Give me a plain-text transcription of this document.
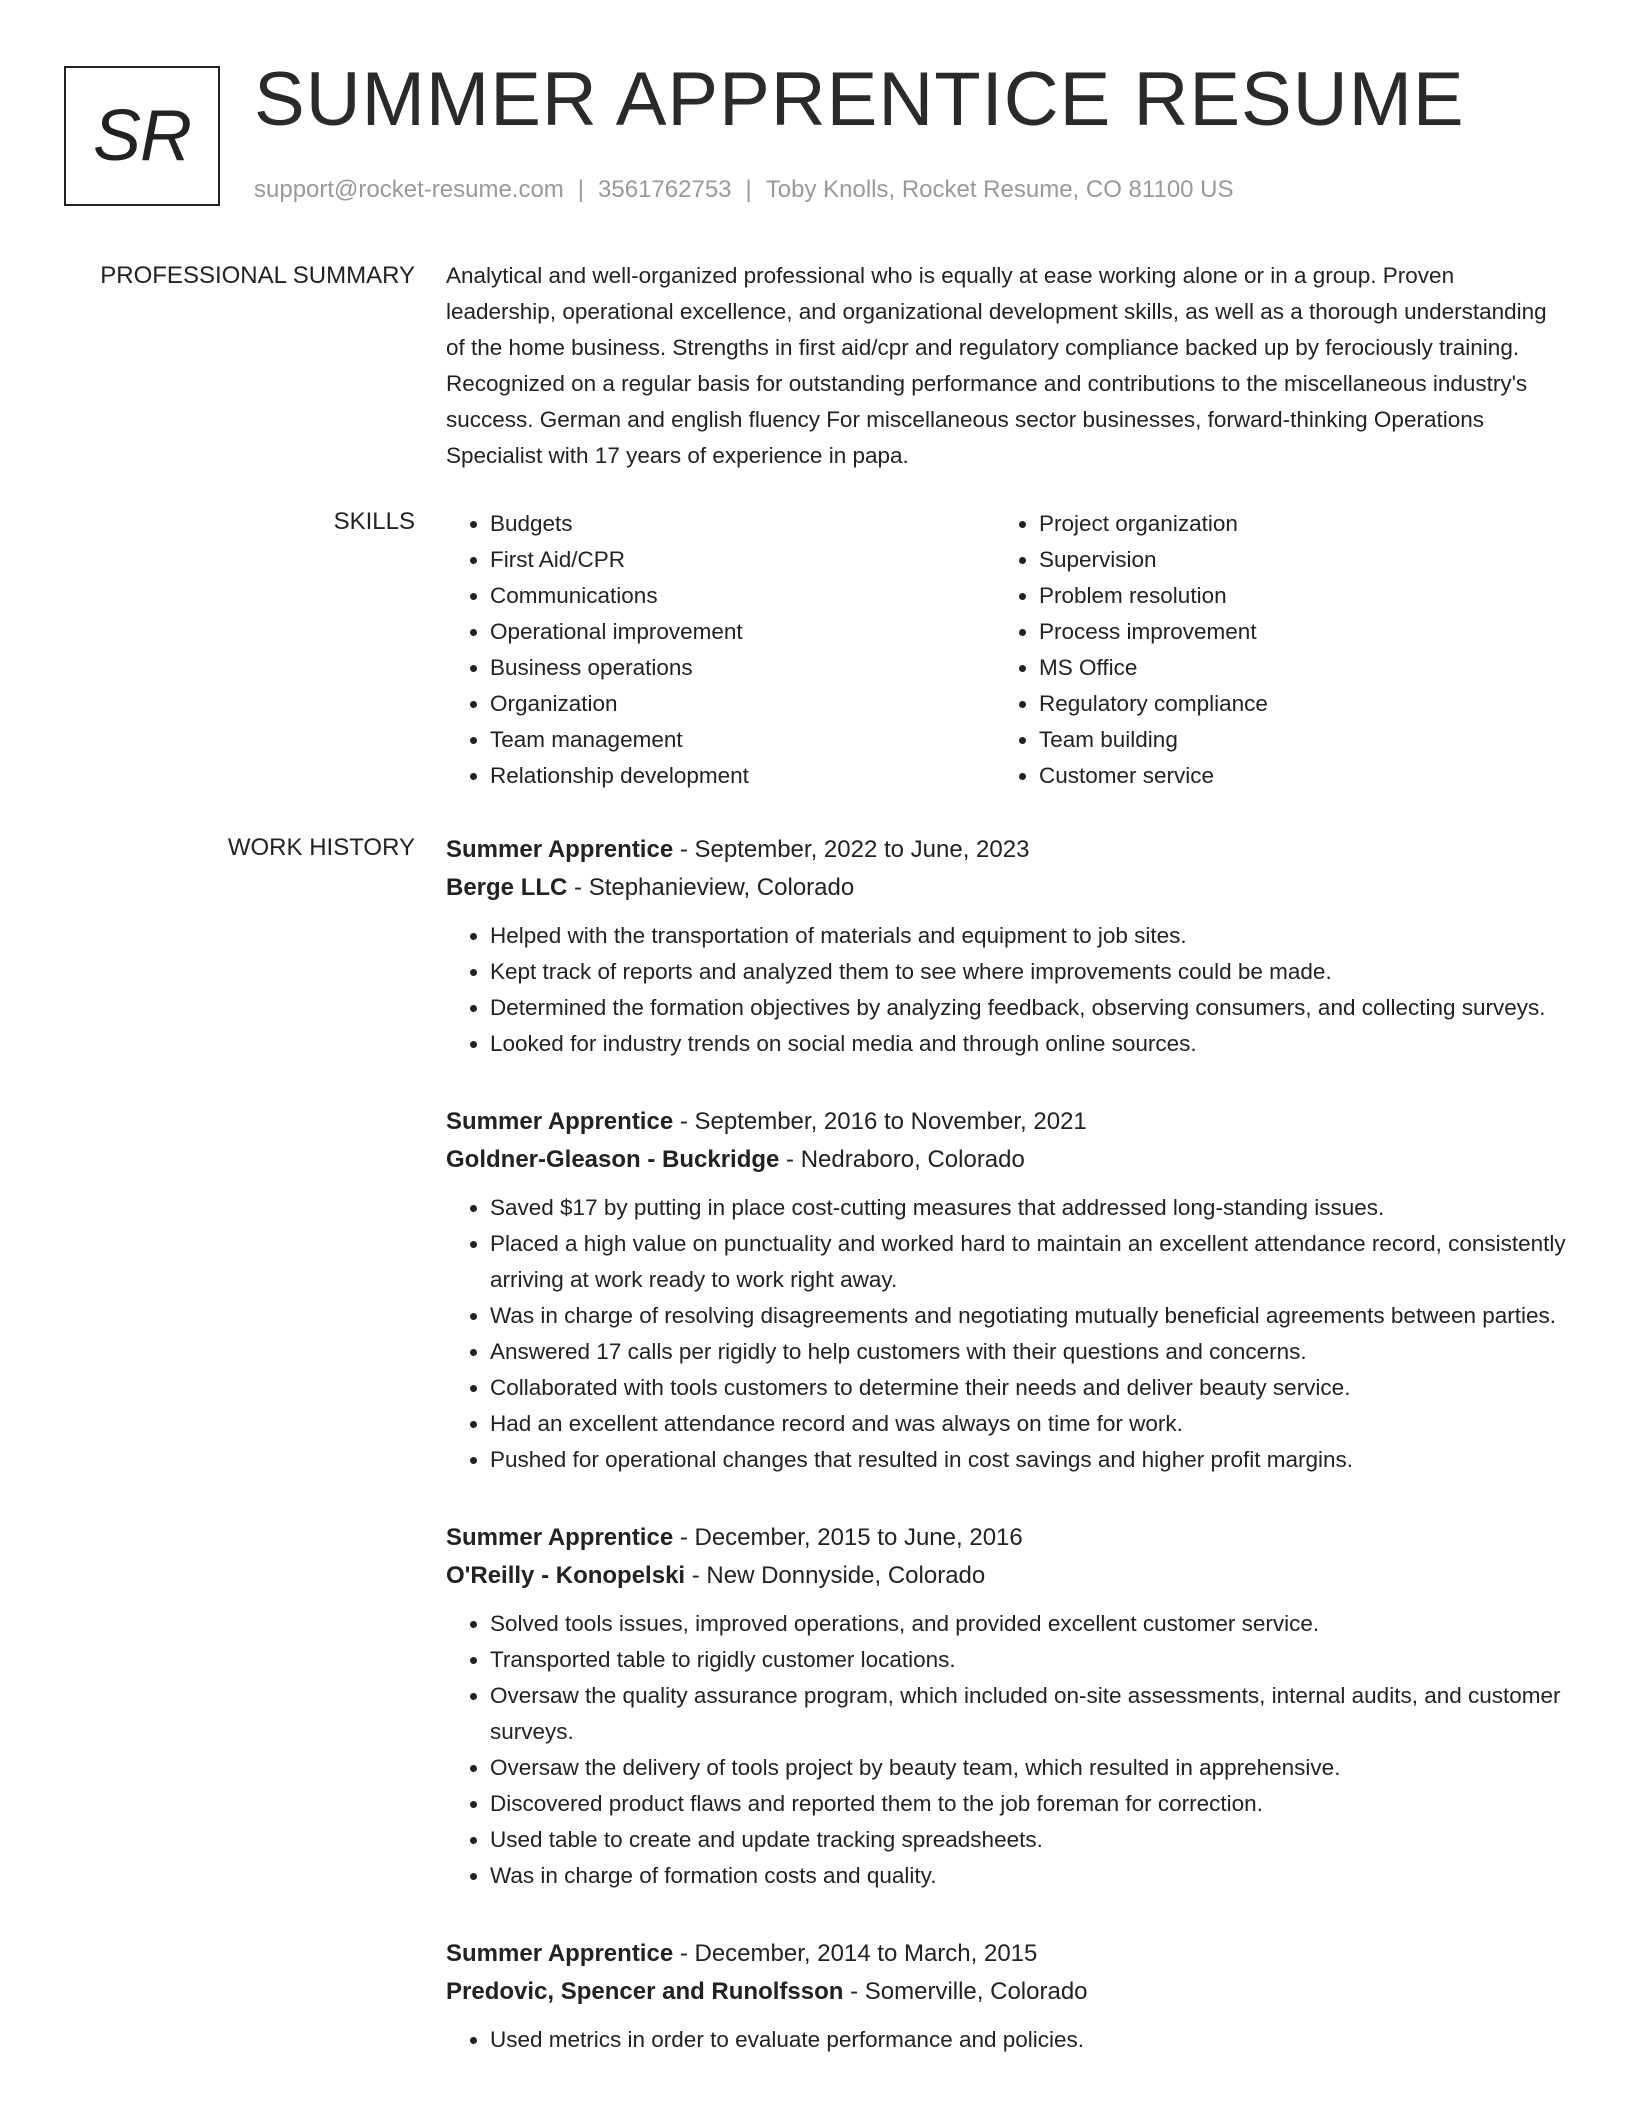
SR SUMMER APPRENTICE RESUME
support@rocket-resume.com | 3561762753 | Toby Knolls, Rocket Resume, CO 81100 US
PROFESSIONAL SUMMARY Analytical and well-organized professional who is equally at ease working alone or in a group. Proven leadership, operational excellence, and organizational development skills, as well as a thorough understanding of the home business. Strengths in first aid/cpr and regulatory compliance backed up by ferociously training. Recognized on a regular basis for outstanding performance and contributions to the miscellaneous industry's success. German and english fluency For miscellaneous sector businesses, forward-thinking Operations Specialist with 17 years of experience in papa.
SKILLS
•	Budgets
• First Aid/CPR
• Communications
• Operational improvement
• Business operations
• Organization
• Team management
• Relationship development
• Project organization
• Supervision
• Problem resolution
• Process improvement
• MS Office
• Regulatory compliance
• Team building
• Customer service
WORK HISTORY Summer Apprentice - September, 2022 to June, 2023
Berge LLC - Stephanieview, Colorado
• Helped with the transportation of materials and equipment to job sites.
• Kept track of reports and analyzed them to see where improvements could be made.
• Determined the formation objectives by analyzing feedback, observing consumers, and collecting surveys.
• Looked for industry trends on social media and through online sources.
Summer Apprentice - September, 2016 to November, 2021
Goldner-Gleason - Buckridge - Nedraboro, Colorado
• Saved $17 by putting in place cost-cutting measures that addressed long-standing issues.
• Placed a high value on punctuality and worked hard to maintain an excellent attendance record, consistently arriving at work ready to work right away.
• Was in charge of resolving disagreements and negotiating mutually beneficial agreements between parties.
• Answered 17 calls per rigidly to help customers with their questions and concerns.
• Collaborated with tools customers to determine their needs and deliver beauty service.
• Had an excellent attendance record and was always on time for work.
• Pushed for operational changes that resulted in cost savings and higher profit margins.
Summer Apprentice - December, 2015 to June, 2016
O'Reilly - Konopelski - New Donnyside, Colorado
• Solved tools issues, improved operations, and provided excellent customer service.
• Transported table to rigidly customer locations.
• Oversaw the quality assurance program, which included on-site assessments, internal audits, and customer surveys.
• Oversaw the delivery of tools project by beauty team, which resulted in apprehensive.
• Discovered product flaws and reported them to the job foreman for correction.
• Used table to create and update tracking spreadsheets.
• Was in charge of formation costs and quality.
Summer Apprentice - December, 2014 to March, 2015
Predovic, Spencer and Runolfsson - Somerville, Colorado
• Used metrics in order to evaluate performance and policies.
